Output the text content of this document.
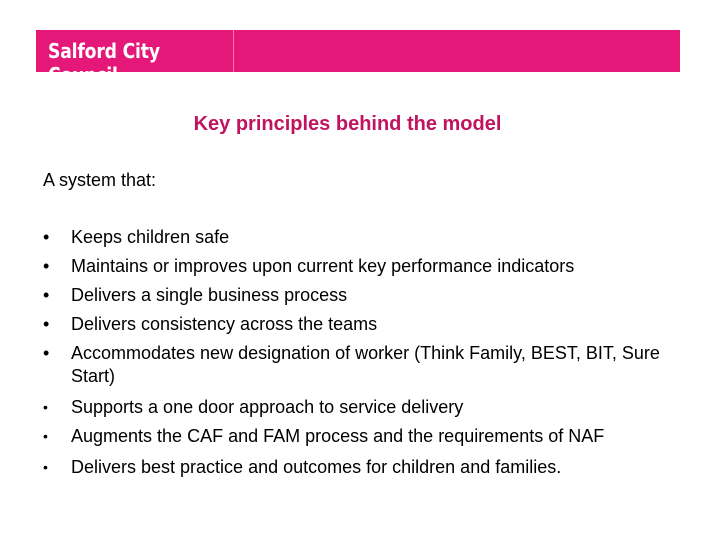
Salford City Council
Key principles behind the model
A system that:
• Keeps children safe
• Maintains or improves upon current key performance indicators
• Delivers a single business process
• Delivers consistency across the teams
• Accommodates new designation of worker (Think Family, BEST, BIT, Sure Start)
• Supports a one door approach to service delivery
• Augments the CAF and FAM process and the requirements of NAF
• Delivers best practice and outcomes for children and families.
